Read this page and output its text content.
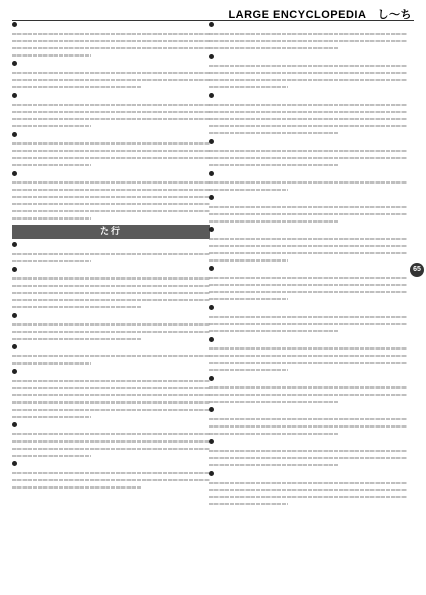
LARGE ENCYCLOPEDIA　し〜ち
た行
65
